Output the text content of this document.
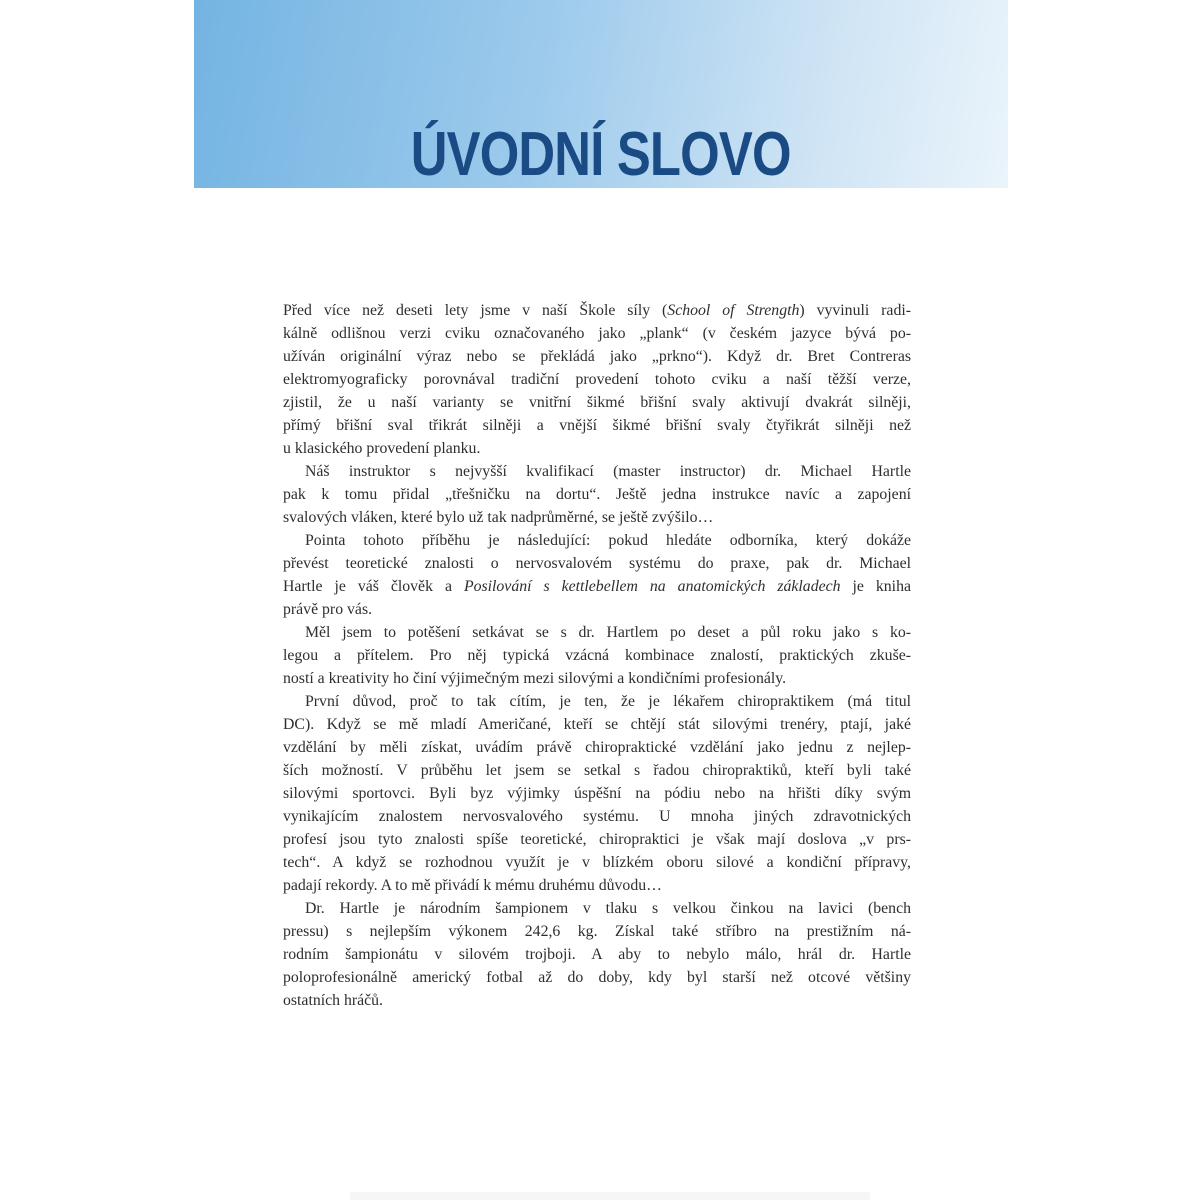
ÚVODNÍ SLOVO
Před více než deseti lety jsme v naší Škole síly (School of Strength) vyvinuli radi-
kálně odlišnou verzi cviku označovaného jako „plank“ (v českém jazyce bývá po-
užíván originální výraz nebo se překládá jako „prkno“). Když dr. Bret Contreras
elektromyograficky porovnával tradiční provedení tohoto cviku a naší těžší verze,
zjistil, že u naší varianty se vnitřní šikmé břišní svaly aktivují dvakrát silněji,
přímý břišní sval třikrát silněji a vnější šikmé břišní svaly čtyřikrát silněji než
u klasického provedení planku.
Náš instruktor s nejvyšší kvalifikací (master instructor) dr. Michael Hartle
pak k tomu přidal „třešničku na dortu“. Ještě jedna instrukce navíc a zapojení
svalových vláken, které bylo už tak nadprůměrné, se ještě zvýšilo…
Pointa tohoto příběhu je následující: pokud hledáte odborníka, který dokáže
převést teoretické znalosti o nervosvalovém systému do praxe, pak dr. Michael
Hartle je váš člověk a Posilování s kettlebellem na anatomických základech je kniha
právě pro vás.
Měl jsem to potěšení setkávat se s dr. Hartlem po deset a půl roku jako s ko-
legou a přítelem. Pro něj typická vzácná kombinace znalostí, praktických zkuše-
ností a kreativity ho činí výjimečným mezi silovými a kondičními profesionály.
První důvod, proč to tak cítím, je ten, že je lékařem chiropraktikem (má titul
DC). Když se mě mladí Američané, kteří se chtějí stát silovými trenéry, ptají, jaké
vzdělání by měli získat, uvádím právě chiropraktické vzdělání jako jednu z nejlep-
ších možností. V průběhu let jsem se setkal s řadou chiropraktiků, kteří byli také
silovými sportovci. Byli byz výjimky úspěšní na pódiu nebo na hřišti díky svým
vynikajícím znalostem nervosvalového systému. U mnoha jiných zdravotnických
profesí jsou tyto znalosti spíše teoretické, chiropraktici je však mají doslova „v prs-
tech“. A když se rozhodnou využít je v blízkém oboru silové a kondiční přípravy,
padají rekordy. A to mě přivádí k mému druhému důvodu…
Dr. Hartle je národním šampionem v tlaku s velkou činkou na lavici (bench
pressu) s nejlepším výkonem 242,6 kg. Získal také stříbro na prestižním ná-
rodním šampionátu v silovém trojboji. A aby to nebylo málo, hrál dr. Hartle
poloprofesionálně americký fotbal až do doby, kdy byl starší než otcové většiny
ostatních hráčů.
